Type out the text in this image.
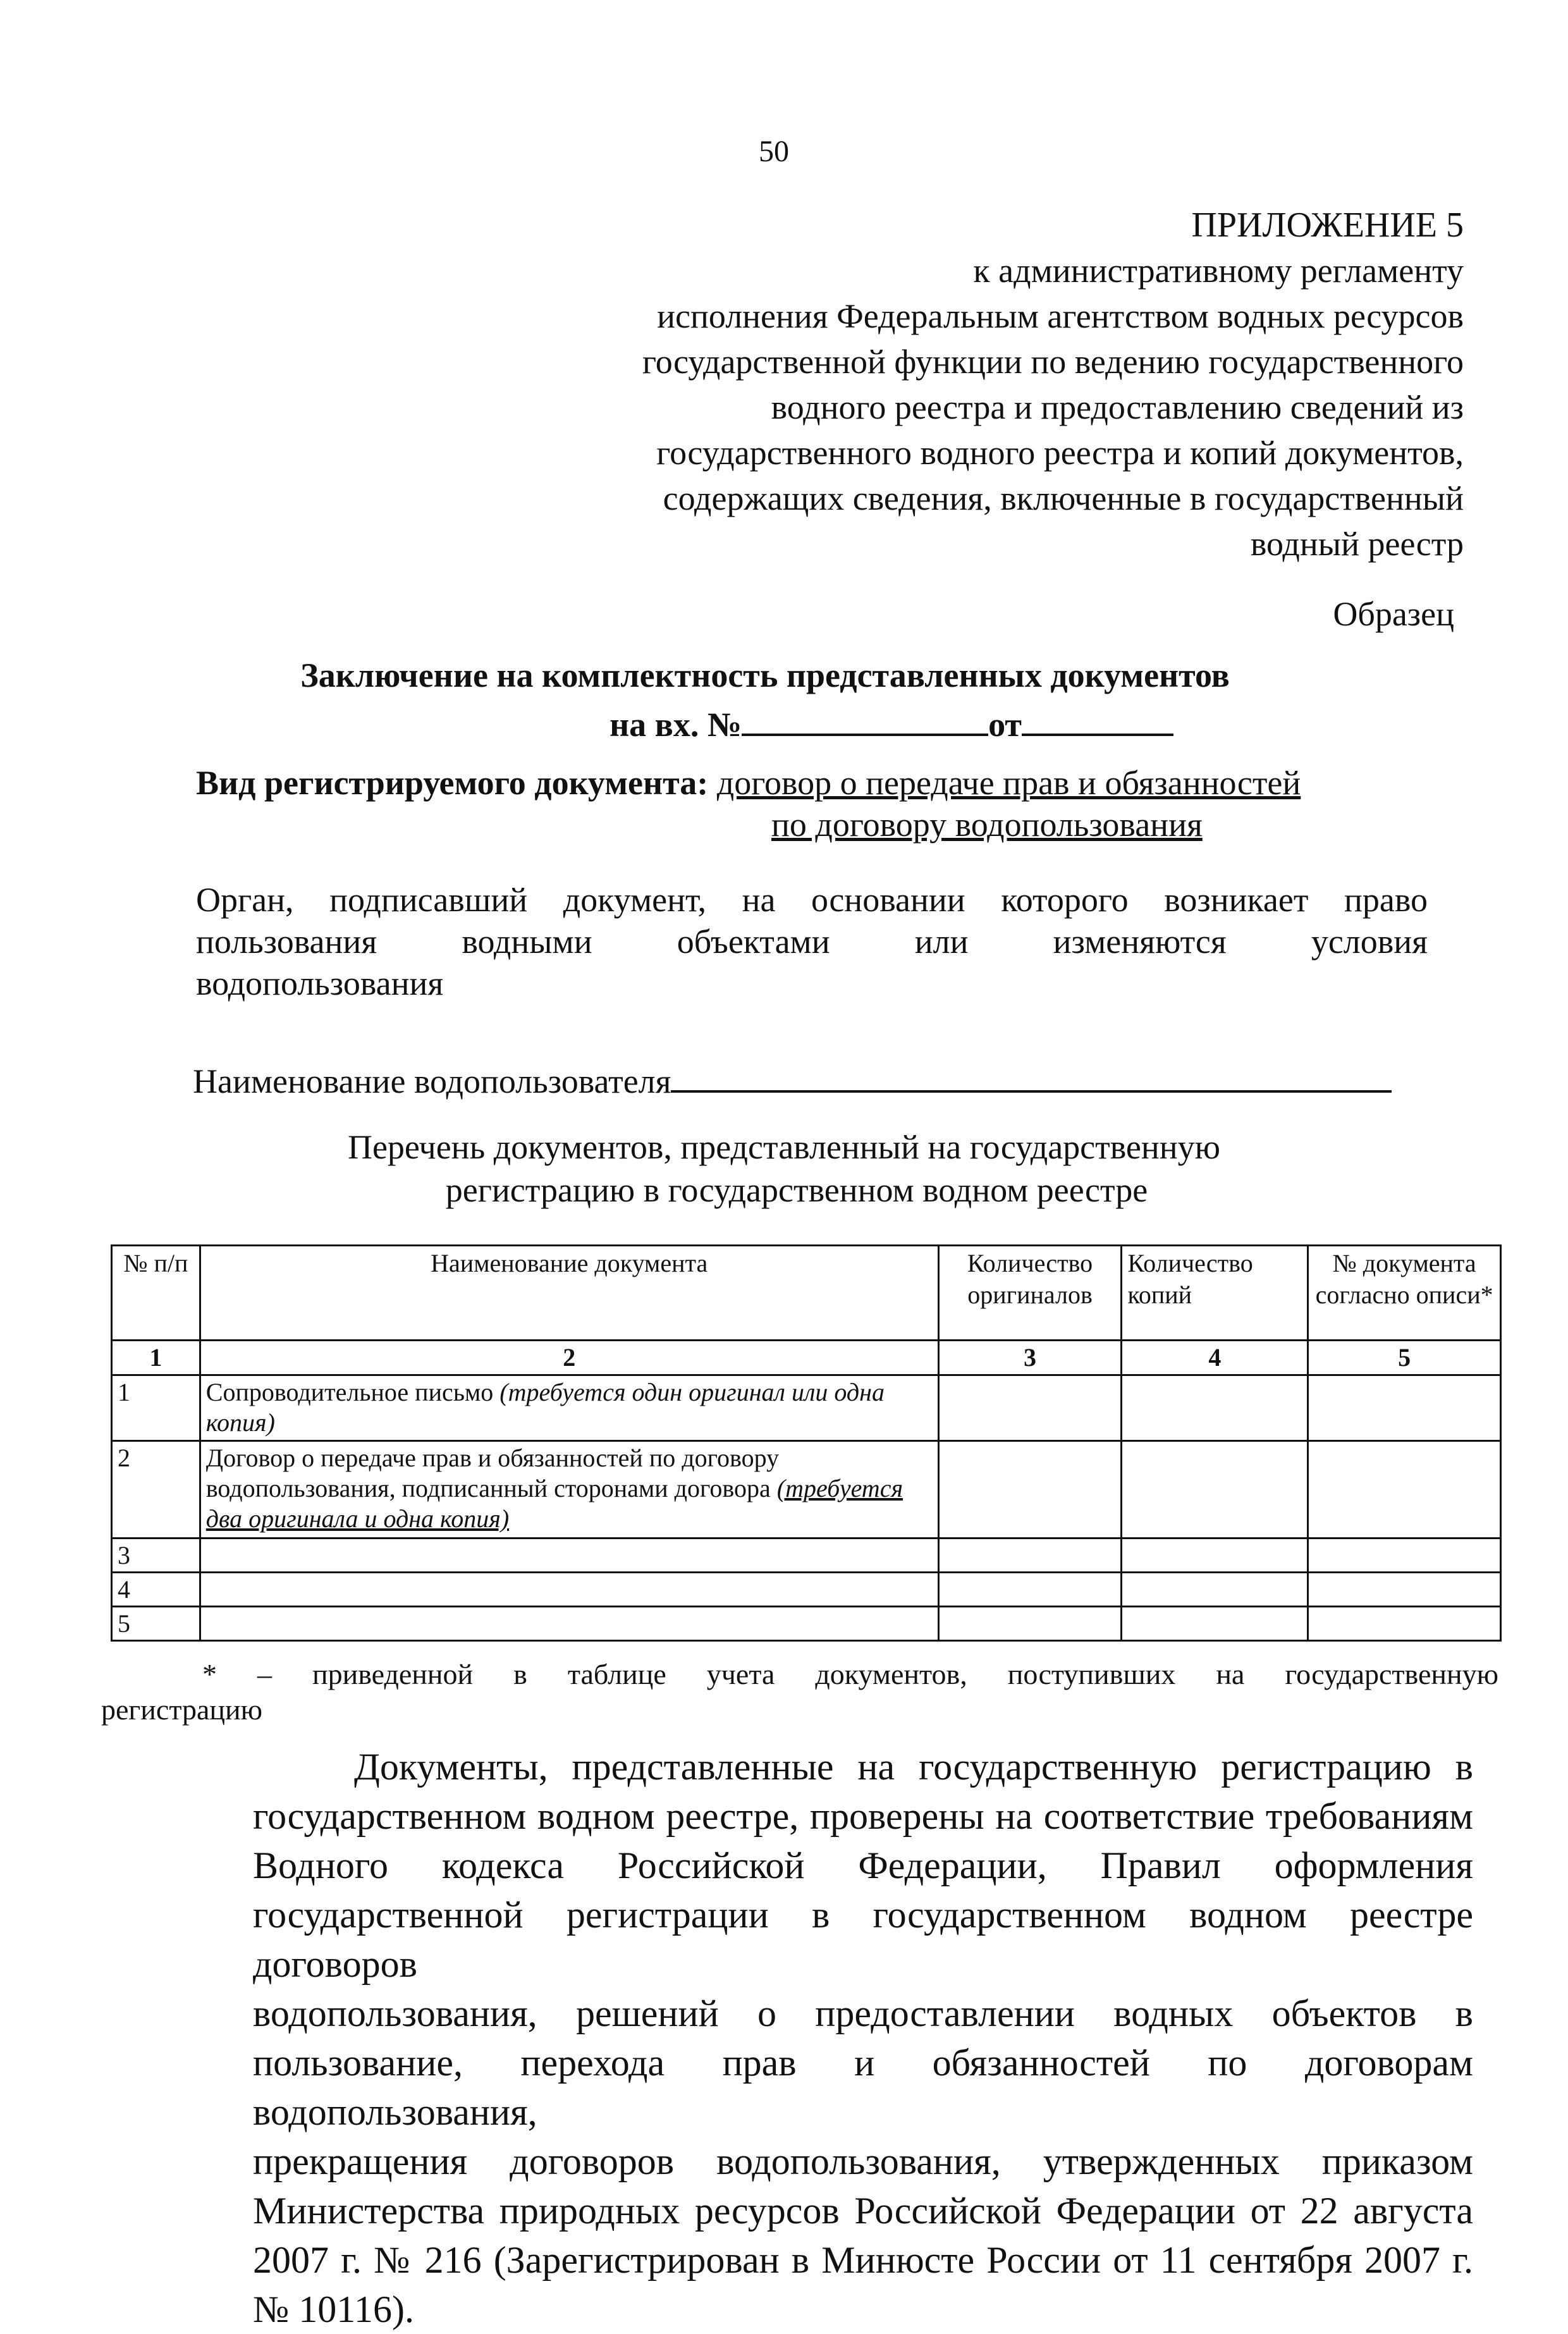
50
ПРИЛОЖЕНИЕ 5
к административному регламенту
исполнения Федеральным агентством водных ресурсов
государственной функции по ведению государственного
водного реестра и предоставлению сведений из
государственного водного реестра и копий документов,
содержащих сведения, включенные в государственный
водный реестр
Образец
Заключение на комплектность представленных документов
на вх. №	от
Вид регистрируемого документа: договор о передаче прав и обязанностей
по договору водопользования
Орган, подписавший документ, на основании которого возникает право
пользования водными объектами или изменяются условия
водопользования
Наименование водопользователя
Перечень документов, представленный на государственную
регистрацию в государственном водном реестре
№ п/п	Наименование документа	Количество оригиналов	Количество копий	№ документа согласно описи*
1	2	3	4	5
1	Сопроводительное письмо (требуется один оригинал или одна копия)			
2	Договор о передаче прав и обязанностей по договору водопользования, подписанный сторонами договора (требуется два оригинала и одна копия)			
3				
4				
5				
* – приведенной в таблице учета документов, поступивших на государственную
регистрацию
Документы, представленные на государственную регистрацию в
государственном водном реестре, проверены на соответствие требованиям
Водного кодекса Российской Федерации, Правил оформления
государственной регистрации в государственном водном реестре договоров
водопользования, решений о предоставлении водных объектов в
пользование, перехода прав и обязанностей по договорам водопользования,
прекращения договоров водопользования, утвержденных приказом
Министерства природных ресурсов Российской Федерации от 22 августа
2007 г. № 216 (Зарегистрирован в Минюсте России от 11 сентября 2007 г.
№ 10116).
